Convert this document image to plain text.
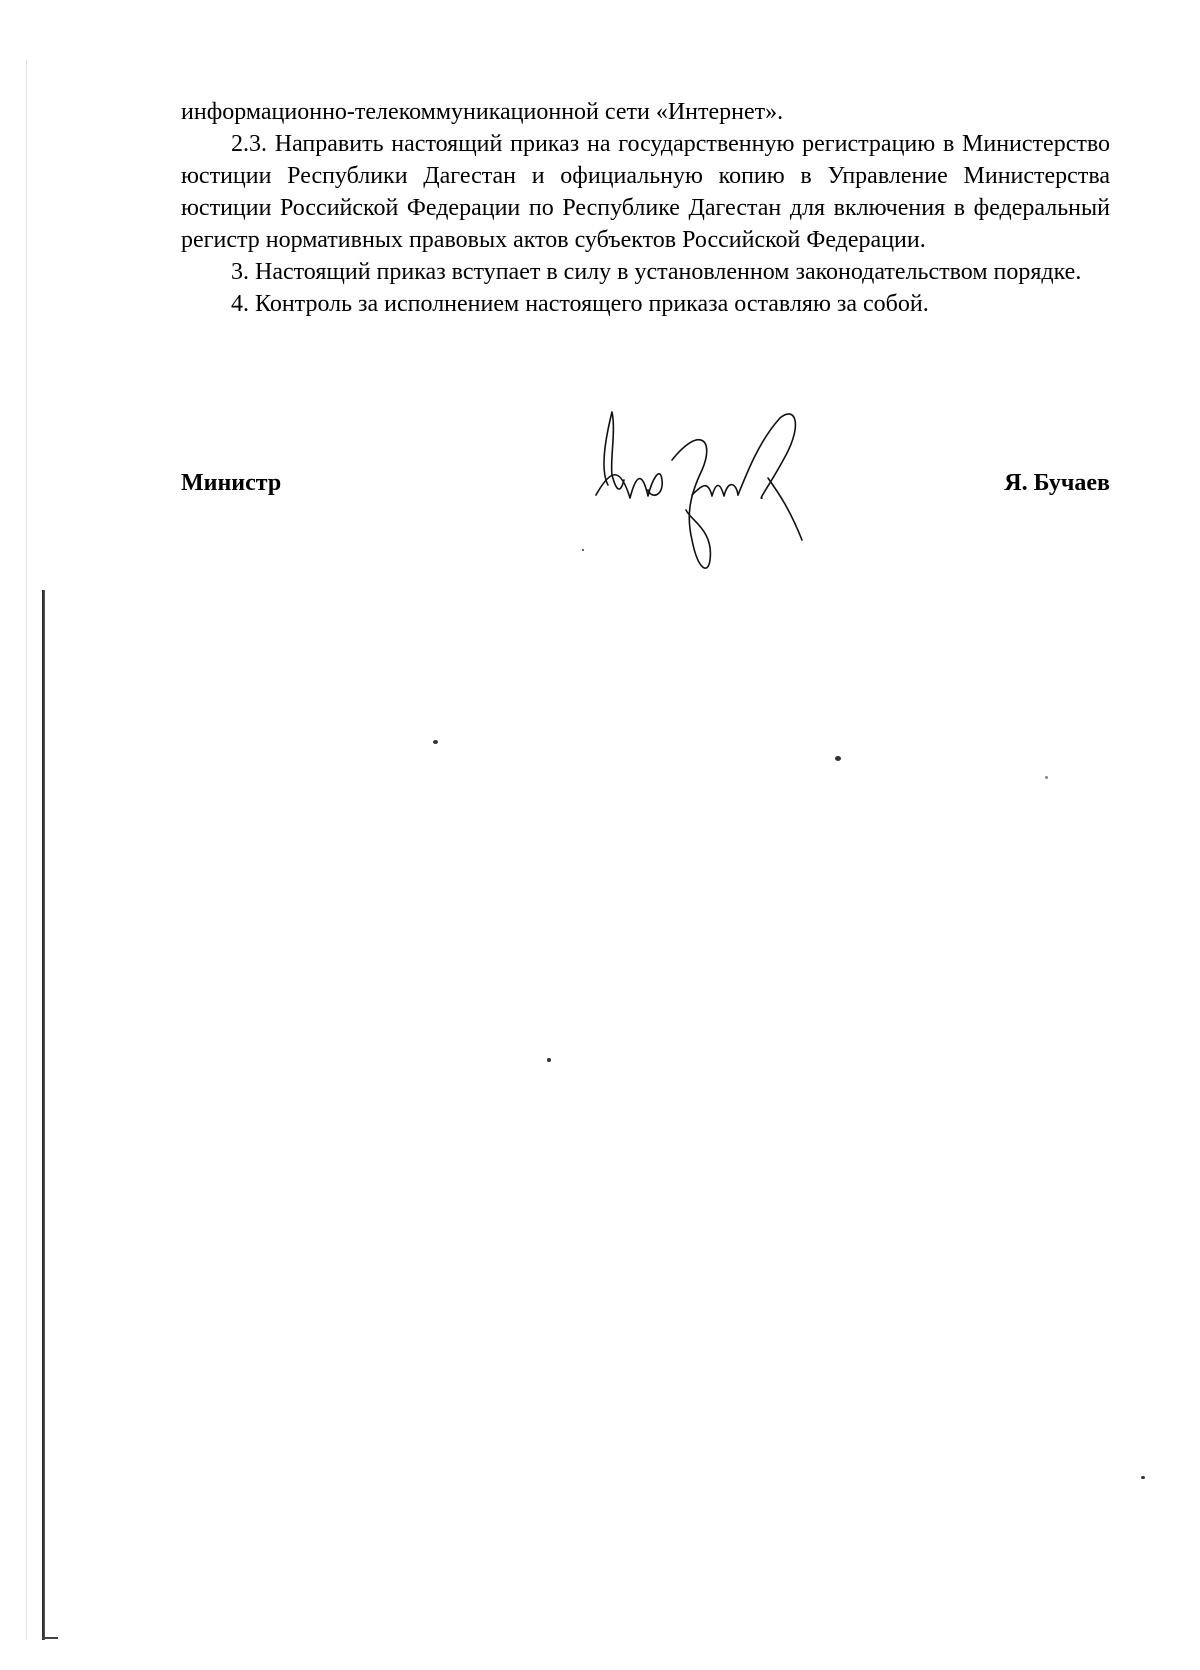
информационно-телекоммуникационной сети «Интернет».

2.3. Направить настоящий приказ на государственную регистрацию в Министерство юстиции Республики Дагестан и официальную копию в Управление Министерства юстиции Российской Федерации по Республике Дагестан для включения в федеральный регистр нормативных правовых актов субъектов Российской Федерации.

3. Настоящий приказ вступает в силу в установленном законодательством порядке.

4. Контроль за исполнением настоящего приказа оставляю за собой.

Министр	Я. Бучаев
